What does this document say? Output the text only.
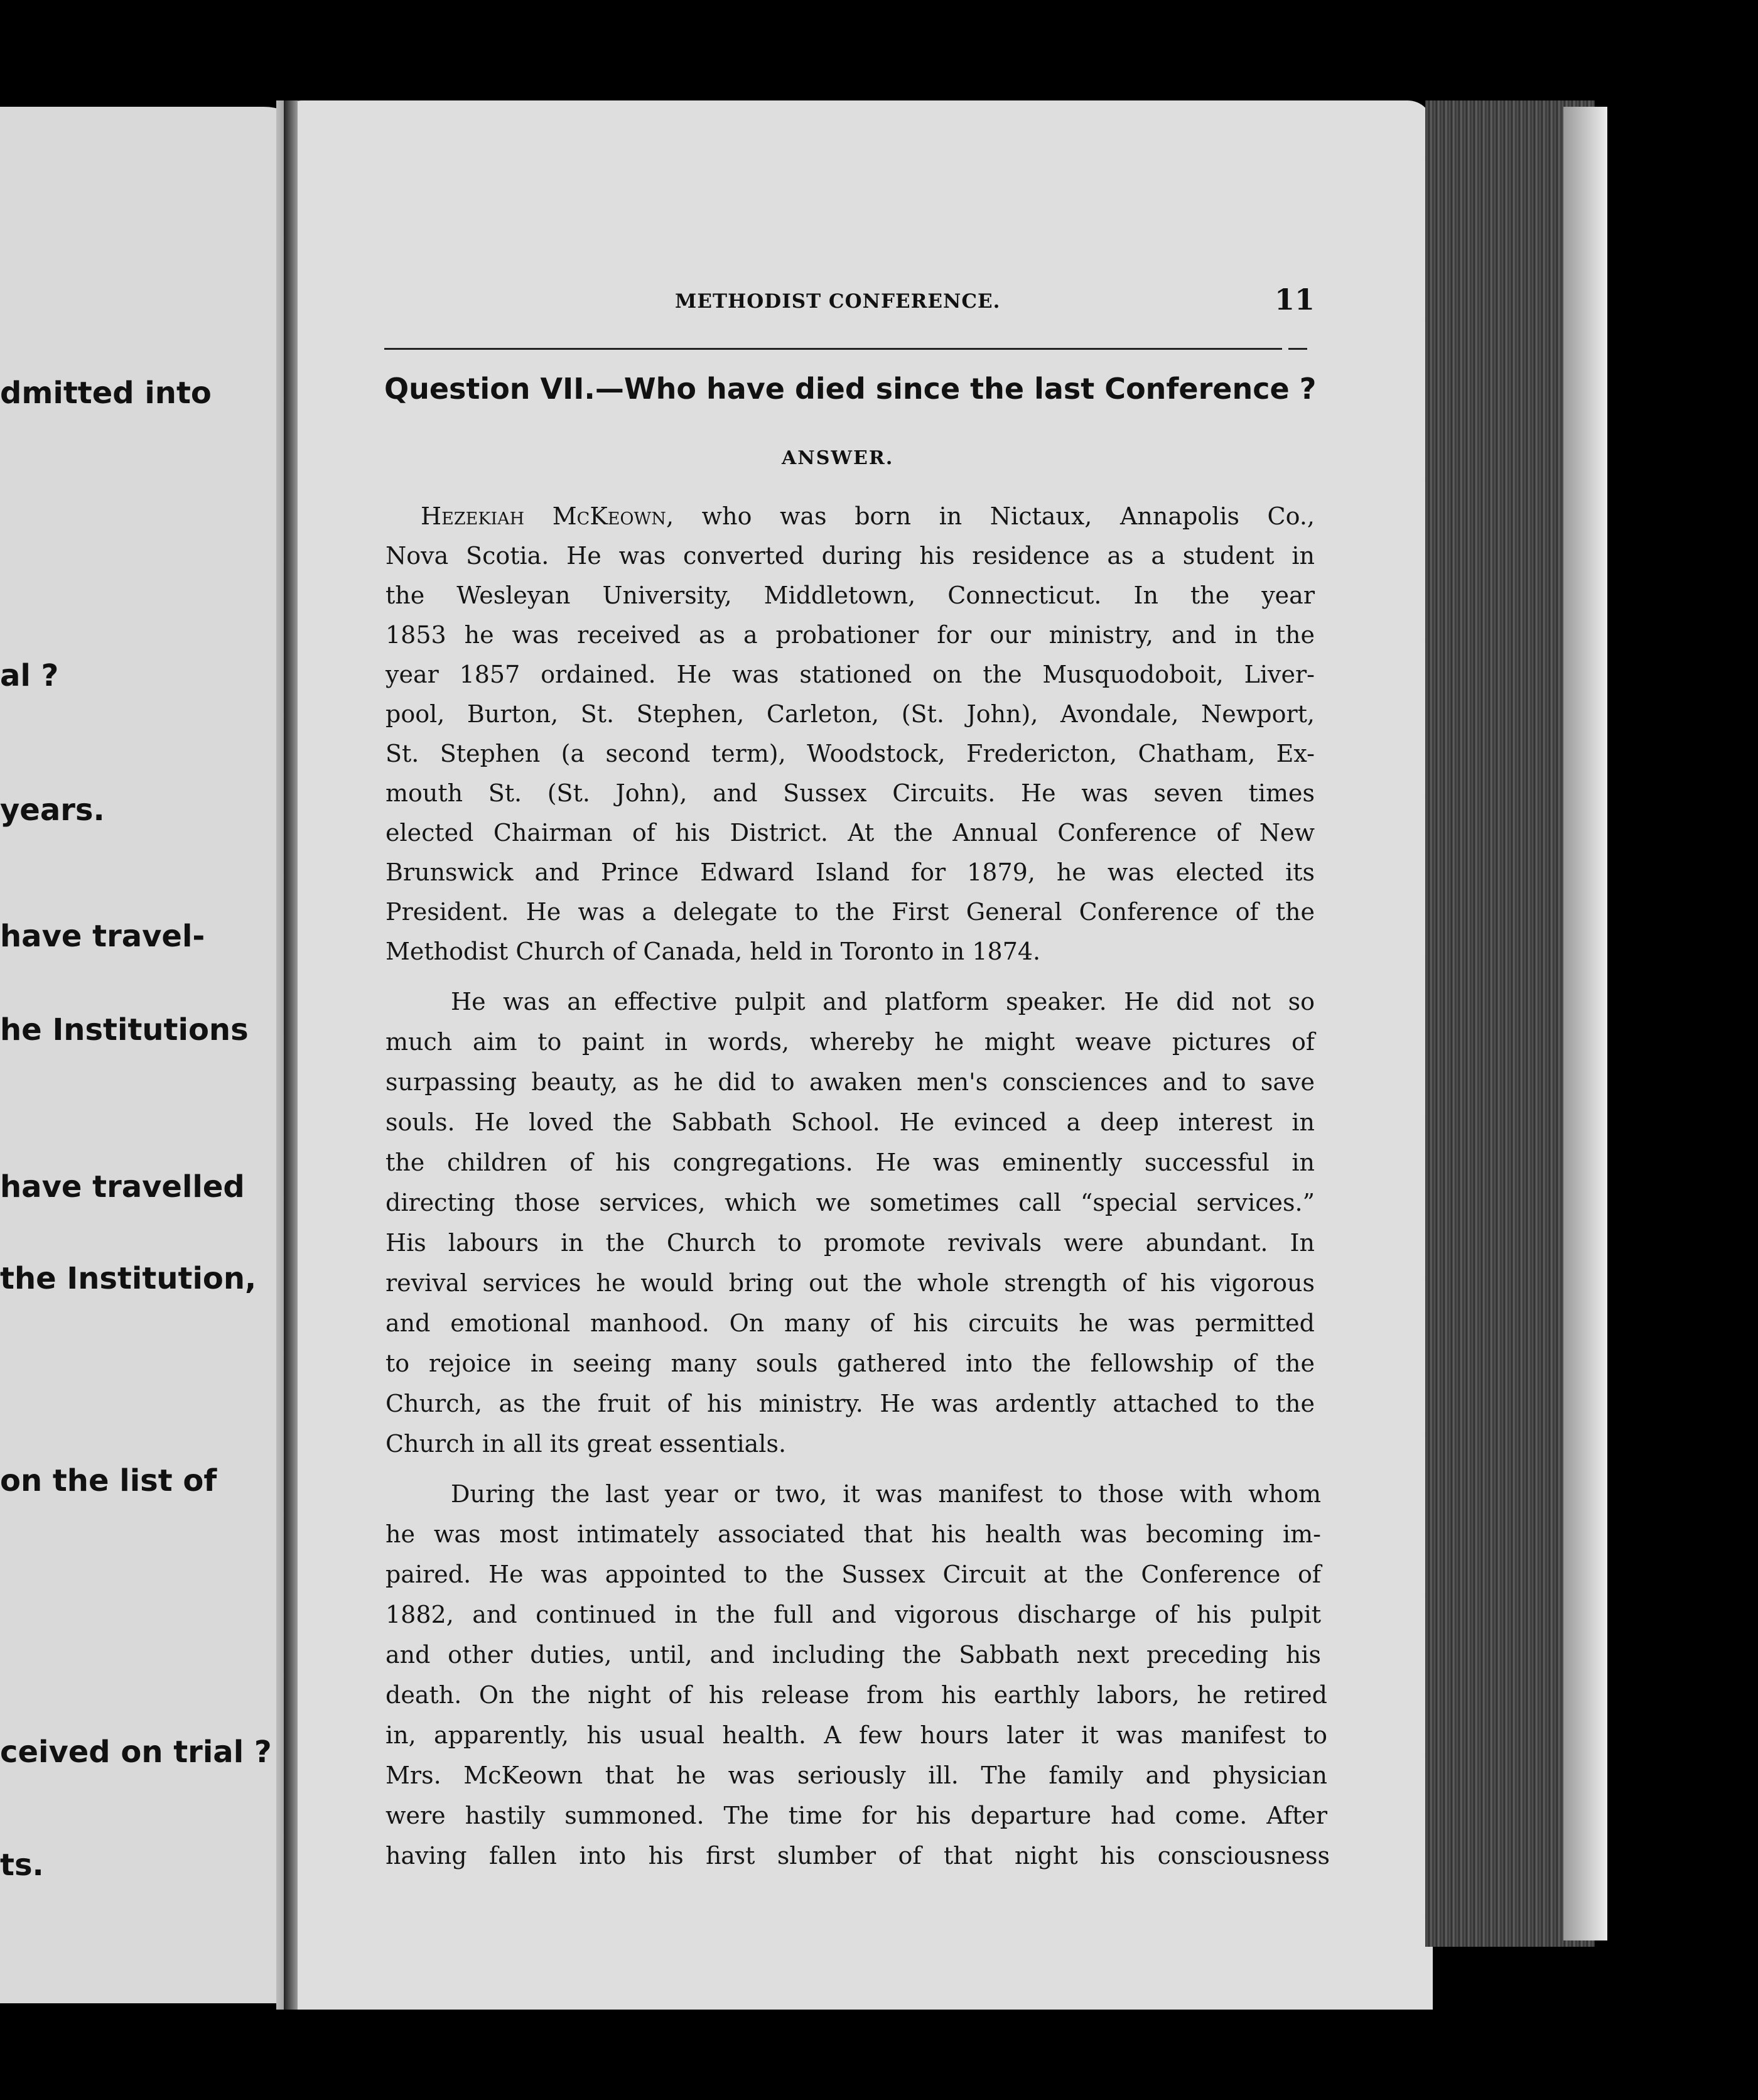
dmitted into
al ?
years.
have travel-
he Institutions
have travelled
the Institution,
on the list of
ceived on trial ?
ts.
METHODIST CONFERENCE.	11
Question VII.—Who have died since the last Conference ?
ANSWER.
Hezekiah McKeown, who was born in Nictaux, Annapolis Co.,
Nova Scotia. He was converted during his residence as a student in
the Wesleyan University, Middletown, Connecticut. In the year
1853 he was received as a probationer for our ministry, and in the
year 1857 ordained. He was stationed on the Musquodoboit, Liver-
pool, Burton, St. Stephen, Carleton, (St. John), Avondale, Newport,
St. Stephen (a second term), Woodstock, Fredericton, Chatham, Ex-
mouth St. (St. John), and Sussex Circuits. He was seven times
elected Chairman of his District. At the Annual Conference of New
Brunswick and Prince Edward Island for 1879, he was elected its
President. He was a delegate to the First General Conference of the
Methodist Church of Canada, held in Toronto in 1874.
He was an effective pulpit and platform speaker. He did not so
much aim to paint in words, whereby he might weave pictures of
surpassing beauty, as he did to awaken men's consciences and to save
souls. He loved the Sabbath School. He evinced a deep interest in
the children of his congregations. He was eminently successful in
directing those services, which we sometimes call “special services.”
His labours in the Church to promote revivals were abundant. In
revival services he would bring out the whole strength of his vigorous
and emotional manhood. On many of his circuits he was permitted
to rejoice in seeing many souls gathered into the fellowship of the
Church, as the fruit of his ministry. He was ardently attached to the
Church in all its great essentials.
During the last year or two, it was manifest to those with whom
he was most intimately associated that his health was becoming im-
paired. He was appointed to the Sussex Circuit at the Conference of
1882, and continued in the full and vigorous discharge of his pulpit
and other duties, until, and including the Sabbath next preceding his
death. On the night of his release from his earthly labors, he retired
in, apparently, his usual health. A few hours later it was manifest to
Mrs. McKeown that he was seriously ill. The family and physician
were hastily summoned. The time for his departure had come. After
having fallen into his first slumber of that night his consciousness
